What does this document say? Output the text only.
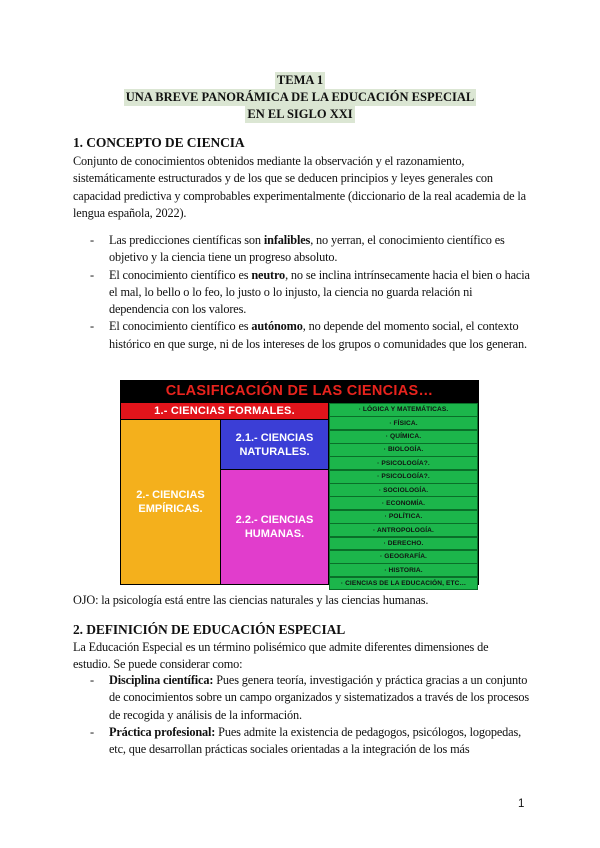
TEMA 1
UNA BREVE PANORÁMICA DE LA EDUCACIÓN ESPECIAL
EN EL SIGLO XXI
1. CONCEPTO DE CIENCIA

Conjunto de conocimientos obtenidos mediante la observación y el razonamiento, sistemáticamente estructurados y de los que se deducen principios y leyes generales con capacidad predictiva y comprobables experimentalmente (diccionario de la real academia de la lengua española, 2022).

- Las predicciones científicas son infalibles, no yerran, el conocimiento científico es objetivo y la ciencia tiene un progreso absoluto.
- El conocimiento científico es neutro, no se inclina intrínsecamente hacia el bien o hacia el mal, lo bello o lo feo, lo justo o lo injusto, la ciencia no guarda relación ni dependencia con los valores.
- El conocimiento científico es autónomo, no depende del momento social, el contexto histórico en que surge, ni de los intereses de los grupos o comunidades que los generan.
CLASIFICACIÓN DE LAS CIENCIAS…
1.- CIENCIAS FORMALES.
2.- CIENCIAS EMPÍRICAS.
2.1.- CIENCIAS NATURALES.
2.2.- CIENCIAS HUMANAS.
· LÓGICA Y MATEMÁTICAS.
· FÍSICA.
· QUÍMICA.
· BIOLOGÍA.
· PSICOLOGÍA?.
· PSICOLOGÍA?.
· SOCIOLOGÍA.
· ECONOMÍA.
· POLÍTICA.
· ANTROPOLOGÍA.
· DERECHO.
· GEOGRAFÍA.
· HISTORIA.
· CIENCIAS DE LA EDUCACIÓN, ETC…

OJO: la psicología está entre las ciencias naturales y las ciencias humanas.

2. DEFINICIÓN DE EDUCACIÓN ESPECIAL

La Educación Especial es un término polisémico que admite diferentes dimensiones de estudio. Se puede considerar como:

- Disciplina científica: Pues genera teoría, investigación y práctica gracias a un conjunto de conocimientos sobre un campo organizados y sistematizados a través de los procesos de recogida y análisis de la información.
- Práctica profesional: Pues admite la existencia de pedagogos, psicólogos, logopedas, etc, que desarrollan prácticas sociales orientadas a la integración de los más
1
